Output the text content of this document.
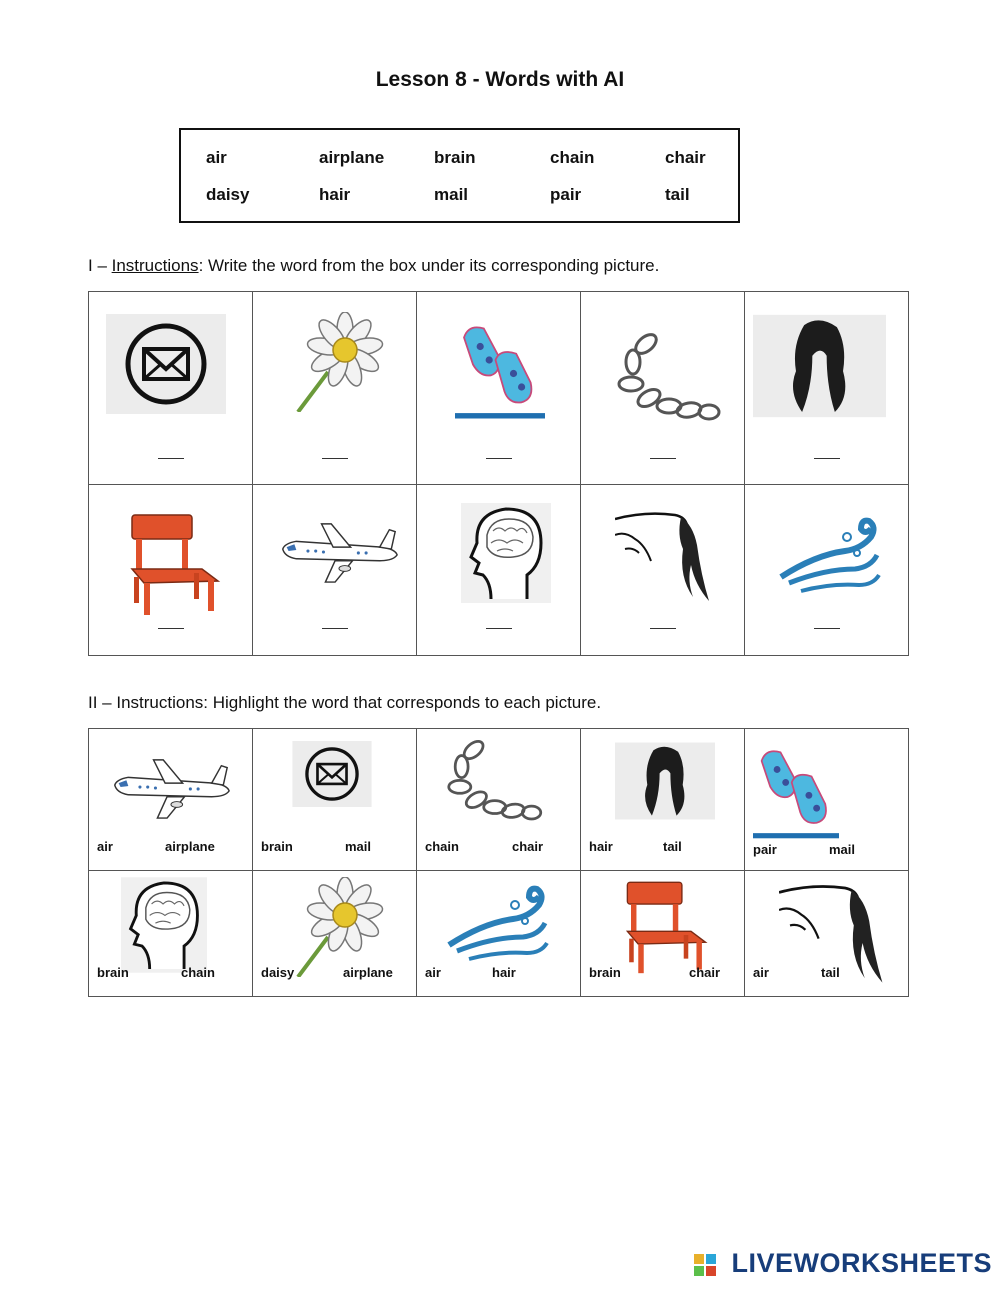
Lesson 8 - Words with AI
air	airplane	brain	chain	chair
daisy	hair	mail	pair	tail
I – Instructions: Write the word from the box under its corresponding picture.

II – Instructions: Highlight the word that corresponds to each picture.
air airplane	brain mail	chain chair	hair tail	pair mail

brain chain	daisy airplane	air hair	brain chair	air tail
LIVEWORKSHEETS
